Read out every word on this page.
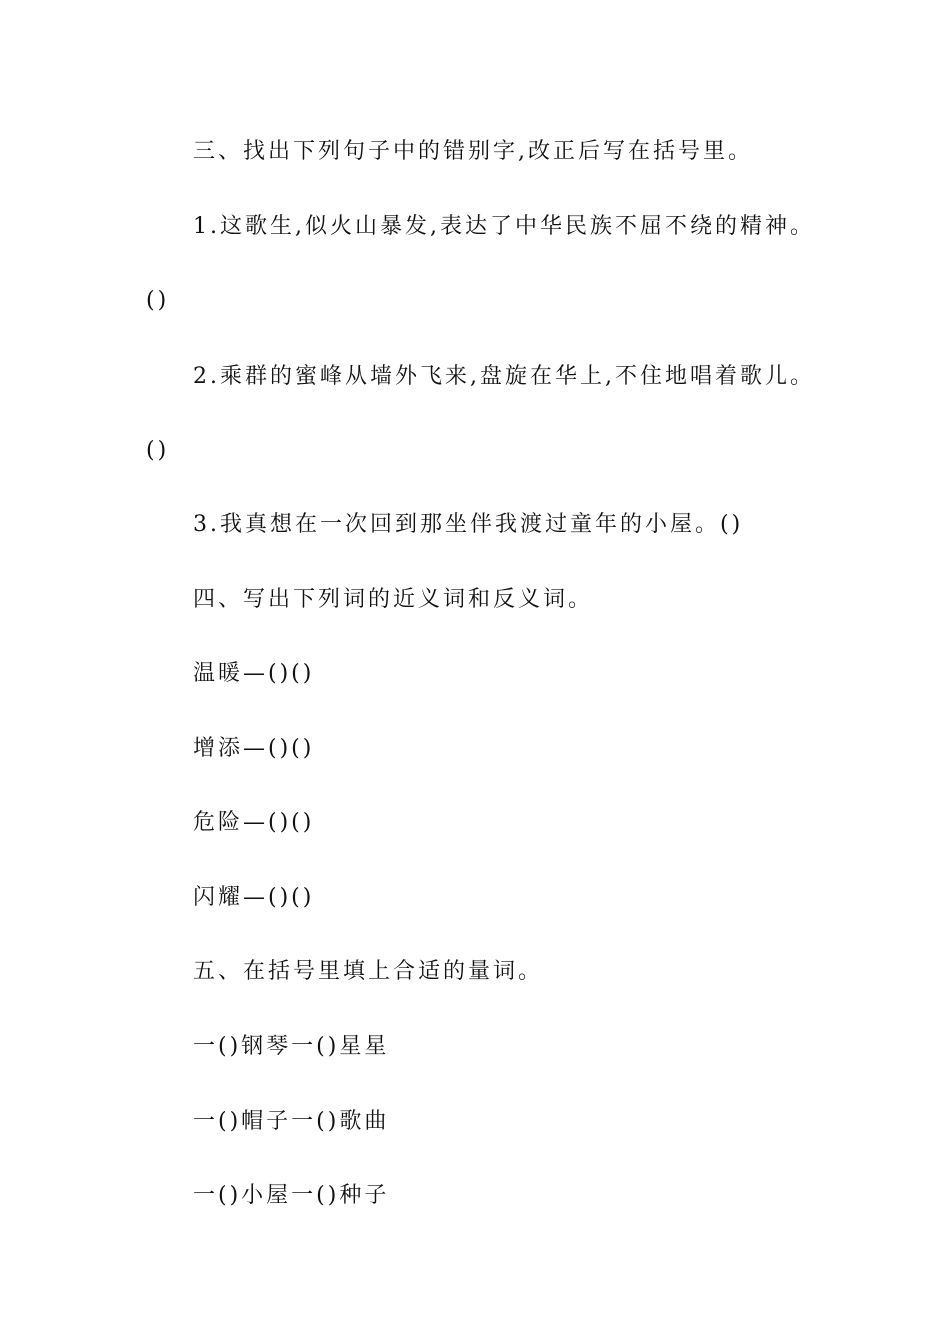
三、找出下列句子中的错别字,改正后写在括号里。
1.这歌生,似火山暴发,表达了中华民族不屈不绕的精神。
()
2.乘群的蜜峰从墙外飞来,盘旋在华上,不住地唱着歌儿。
()
3.我真想在一次回到那坐伴我渡过童年的小屋。()
四、写出下列词的近义词和反义词。
温暖—()()
增添—()()
危险—()()
闪耀—()()
五、在括号里填上合适的量词。
一()钢琴一()星星
一()帽子一()歌曲
一()小屋一()种子
